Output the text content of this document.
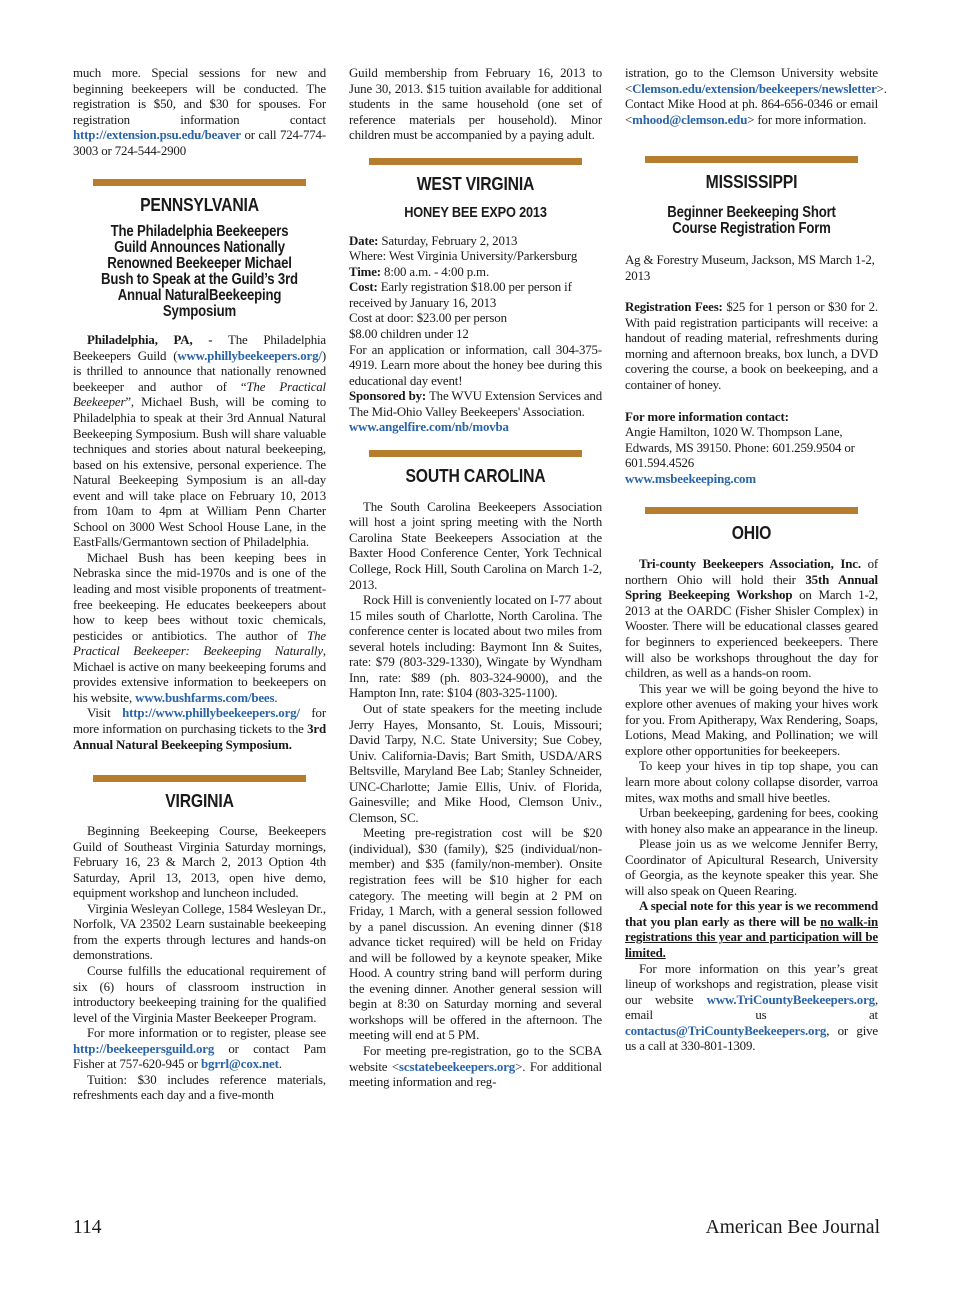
much more. Special sessions for new and beginning beekeepers will be conducted. The registration is $50, and $30 for spouses. For registration information contact http://extension.psu.edu/beaver or call 724-774-3003 or 724-544-2900

PENNSYLVANIA
The Philadelphia Beekeepers Guild Announces Nationally Renowned Beekeeper Michael Bush to Speak at the Guild’s 3rd Annual NaturalBeekeeping Symposium

Philadelphia, PA, - The Philadelphia Beekeepers Guild (www.phillybeekeepers.org/) is thrilled to announce that nationally renowned beekeeper and author of “The Practical Beekeeper”, Michael Bush, will be coming to Philadelphia to speak at their 3rd Annual Natural Beekeeping Symposium. Bush will share valuable techniques and stories about natural beekeeping, based on his extensive, personal experience. The Natural Beekeeping Symposium is an all-day event and will take place on February 10, 2013 from 10am to 4pm at William Penn Charter School on 3000 West School House Lane, in the EastFalls/Germantown section of Philadelphia.

Michael Bush has been keeping bees in Nebraska since the mid-1970s and is one of the leading and most visible proponents of treatment-free beekeeping. He educates beekeepers about how to keep bees without toxic chemicals, pesticides or antibiotics. The author of The Practical Beekeeper: Beekeeping Naturally, Michael is active on many beekeeping forums and provides extensive information to beekeepers on his website, www.bushfarms.com/bees.

Visit http://www.phillybeekeepers.org/ for more information on purchasing tickets to the 3rd Annual Natural Beekeeping Symposium.

VIRGINIA

Beginning Beekeeping Course, Beekeepers Guild of Southeast Virginia Saturday mornings, February 16, 23 & March 2, 2013 Option 4th Saturday, April 13, 2013, open hive demo, equipment workshop and luncheon included.

Virginia Wesleyan College, 1584 Wesleyan Dr., Norfolk, VA 23502 Learn sustainable beekeeping from the experts through lectures and hands-on demonstrations.

Course fulfills the educational requirement of six (6) hours of classroom instruction in introductory beekeeping training for the qualified level of the Virginia Master Beekeeper Program.

For more information or to register, please see http://beekeepersguild.org or contact Pam Fisher at 757-620-945 or bgrrl@cox.net.

Tuition: $30 includes reference materials, refreshments each day and a five-month

Guild membership from February 16, 2013 to June 30, 2013. $15 tuition available for additional students in the same household (one set of reference materials per household). Minor children must be accompanied by a paying adult.

WEST VIRGINIA
HONEY BEE EXPO 2013

Date: Saturday, February 2, 2013
Where: West Virginia University/Parkersburg
Time: 8:00 a.m. - 4:00 p.m.
Cost: Early registration $18.00 per person if received by January 16, 2013
Cost at door: $23.00 per person
$8.00 children under 12

For an application or information, call 304-375-4919. Learn more about the honey bee during this educational day event!

Sponsored by: The WVU Extension Services and The Mid-Ohio Valley Beekeepers' Association.

www.angelfire.com/nb/movba

SOUTH CAROLINA

The South Carolina Beekeepers Association will host a joint spring meeting with the North Carolina State Beekeepers Association at the Baxter Hood Conference Center, York Technical College, Rock Hill, South Carolina on March 1-2, 2013.

Rock Hill is conveniently located on I-77 about 15 miles south of Charlotte, North Carolina. The conference center is located about two miles from several hotels including: Baymont Inn & Suites, rate: $79 (803-329-1330), Wingate by Wyndham Inn, rate: $89 (ph. 803-324-9000), and the Hampton Inn, rate: $104 (803-325-1100).

Out of state speakers for the meeting include Jerry Hayes, Monsanto, St. Louis, Missouri; David Tarpy, N.C. State University; Sue Cobey, Univ. California-Davis; Bart Smith, USDA/ARS Beltsville, Maryland Bee Lab; Stanley Schneider, UNC-Charlotte; Jamie Ellis, Univ. of Florida, Gainesville; and Mike Hood, Clemson Univ., Clemson, SC.

Meeting pre-registration cost will be $20 (individual), $30 (family), $25 (individual/non-member) and $35 (family/non-member). Onsite registration fees will be $10 higher for each category. The meeting will begin at 2 PM on Friday, 1 March, with a general session followed by a panel discussion. An evening dinner ($18 advance ticket required) will be held on Friday and will be followed by a keynote speaker, Mike Hood. A country string band will perform during the evening dinner. Another general session will begin at 8:30 on Saturday morning and several workshops will be offered in the afternoon. The meeting will end at 5 PM.

For meeting pre-registration, go to the SCBA website <scstatebeekeepers.org>. For additional meeting information and reg-

istration, go to the Clemson University website <Clemson.edu/extension/beekeepers/newsletter>. Contact Mike Hood at ph. 864-656-0346 or email <mhood@clemson.edu> for more information.

MISSISSIPPI
Beginner Beekeeping Short Course Registration Form

Ag & Forestry Museum, Jackson, MS March 1-2, 2013

Registration Fees: $25 for 1 person or $30 for 2. With paid registration participants will receive: a handout of reading material, refreshments during morning and afternoon breaks, box lunch, a DVD covering the course, a book on beekeeping, and a container of honey.

For more information contact:
Angie Hamilton, 1020 W. Thompson Lane, Edwards, MS 39150. Phone: 601.259.9504 or 601.594.4526
www.msbeekeeping.com

OHIO

Tri-county Beekeepers Association, Inc. of northern Ohio will hold their 35th Annual Spring Beekeeping Workshop on March 1-2, 2013 at the OARDC (Fisher Shisler Complex) in Wooster. There will be educational classes geared for beginners to experienced beekeepers. There will also be workshops throughout the day for children, as well as a hands-on room.

This year we will be going beyond the hive to explore other avenues of making your hives work for you. From Apitherapy, Wax Rendering, Soaps, Lotions, Mead Making, and Pollination; we will explore other opportunities for beekeepers.

To keep your hives in tip top shape, you can learn more about colony collapse disorder, varroa mites, wax moths and small hive beetles.

Urban beekeeping, gardening for bees, cooking with honey also make an appearance in the lineup.

Please join us as we welcome Jennifer Berry, Coordinator of Apicultural Research, University of Georgia, as the keynote speaker this year. She will also speak on Queen Rearing.

A special note for this year is we recommend that you plan early as there will be no walk-in registrations this year and participation will be limited.

For more information on this year’s great lineup of workshops and registration, please visit our website www.TriCountyBeekeepers.org, email us at contactus@TriCountyBeekeepers.org, or give us a call at 330-801-1309.

114	American Bee Journal
